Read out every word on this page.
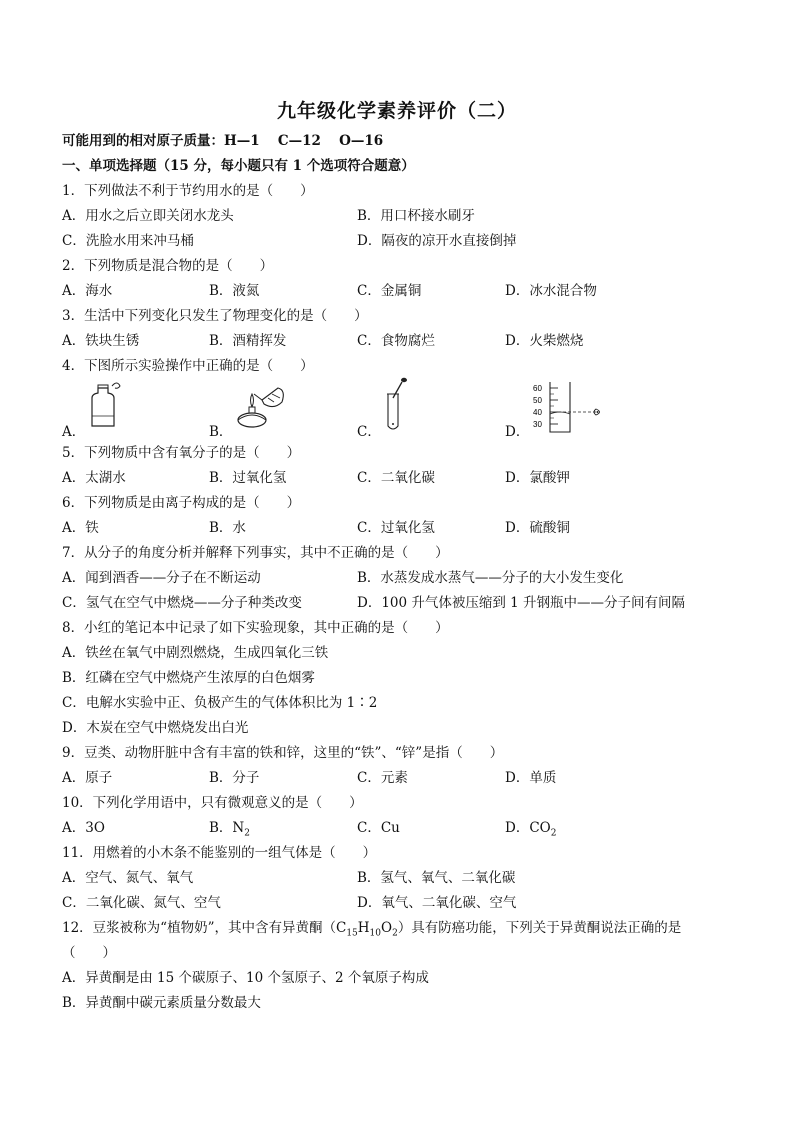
九年级化学素养评价（二）
可能用到的相对原子质量：H—1　 C—12　 O—16
一、单项选择题（15 分，每小题只有 1 个选项符合题意）
1．下列做法不利于节约用水的是（　　）
A．用水之后立即关闭水龙头	B．用口杯接水刷牙
C．洗脸水用来冲马桶	D．隔夜的凉开水直接倒掉
2．下列物质是混合物的是（　　）
A．海水	B．液氮	C．金属铜	D．冰水混合物
3．生活中下列变化只发生了物理变化的是（　　）
A．铁块生锈	B．酒精挥发	C．食物腐烂	D．火柴燃烧
4．下图所示实验操作中正确的是（　　）
60
50
40
30
A．	B．	C．	D．
5．下列物质中含有氧分子的是（　　）
A．太湖水	B．过氧化氢	C．二氧化碳	D．氯酸钾
6．下列物质是由离子构成的是（　　）
A．铁	B．水	C．过氧化氢	D．硫酸铜
7．从分子的角度分析并解释下列事实，其中不正确的是（　　）
A．闻到酒香——分子在不断运动	B．水蒸发成水蒸气——分子的大小发生变化
C．氢气在空气中燃烧——分子种类改变	D．100 升气体被压缩到 1 升钢瓶中——分子间有间隔
8．小红的笔记本中记录了如下实验现象，其中正确的是（　　）
A．铁丝在氧气中剧烈燃烧，生成四氧化三铁
B．红磷在空气中燃烧产生浓厚的白色烟雾
C．电解水实验中正、负极产生的气体体积比为 1∶2
D．木炭在空气中燃烧发出白光
9．豆类、动物肝脏中含有丰富的铁和锌，这里的“铁”、“锌”是指（　　）
A．原子	B．分子	C．元素	D．单质
10．下列化学用语中，只有微观意义的是（　　）
A．3O	B．$N_2$	C．Cu	D．$CO_2$
11．用燃着的小木条不能鉴别的一组气体是（　　）
A．空气、氮气、氧气	B．氢气、氧气、二氧化碳
C．二氧化碳、氮气、空气	D．氧气、二氧化碳、空气
12．豆浆被称为“植物奶”，其中含有异黄酮$(C_{15}H_{10}O_2)$具有防癌功能，下列关于异黄酮说法正确的是
（　　）
A．异黄酮是由 15 个碳原子、10 个氢原子、2 个氧原子构成
B．异黄酮中碳元素质量分数最大
